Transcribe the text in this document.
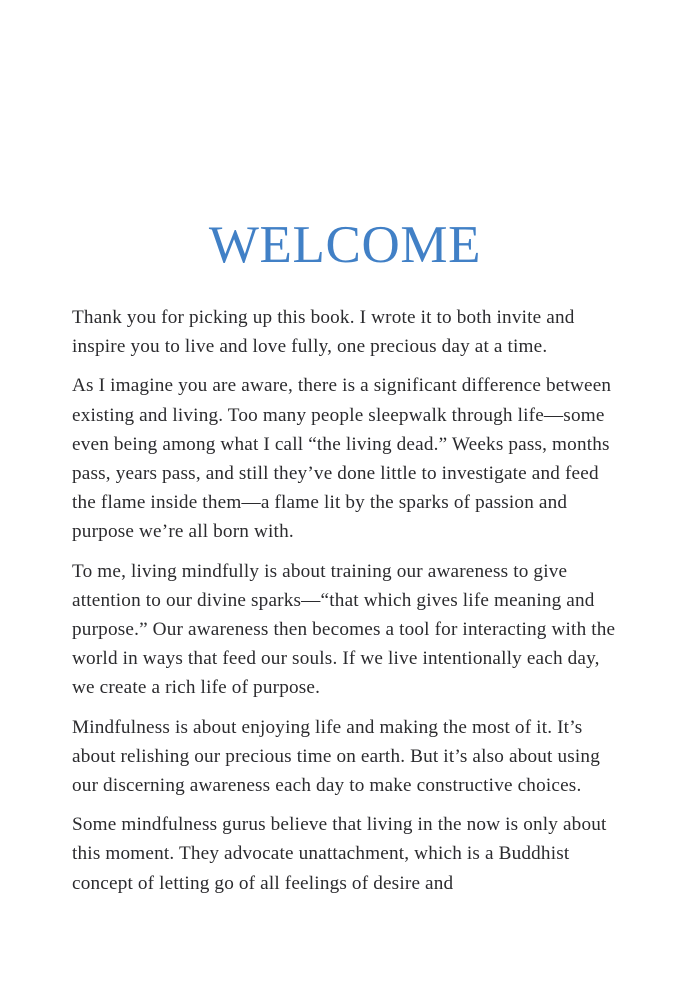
WELCOME

Thank you for picking up this book. I wrote it to both invite and inspire you to live and love fully, one precious day at a time.

As I imagine you are aware, there is a significant difference between existing and living. Too many people sleepwalk through life—some even being among what I call “the living dead.” Weeks pass, months pass, years pass, and still they’ve done little to investigate and feed the flame inside them—a flame lit by the sparks of passion and purpose we’re all born with.

To me, living mindfully is about training our awareness to give attention to our divine sparks—“that which gives life meaning and purpose.” Our awareness then becomes a tool for interacting with the world in ways that feed our souls. If we live intentionally each day, we create a rich life of purpose.

Mindfulness is about enjoying life and making the most of it. It’s about relishing our precious time on earth. But it’s also about using our discerning awareness each day to make constructive choices.

Some mindfulness gurus believe that living in the now is only about this moment. They advocate unattachment, which is a Buddhist concept of letting go of all feelings of desire and
